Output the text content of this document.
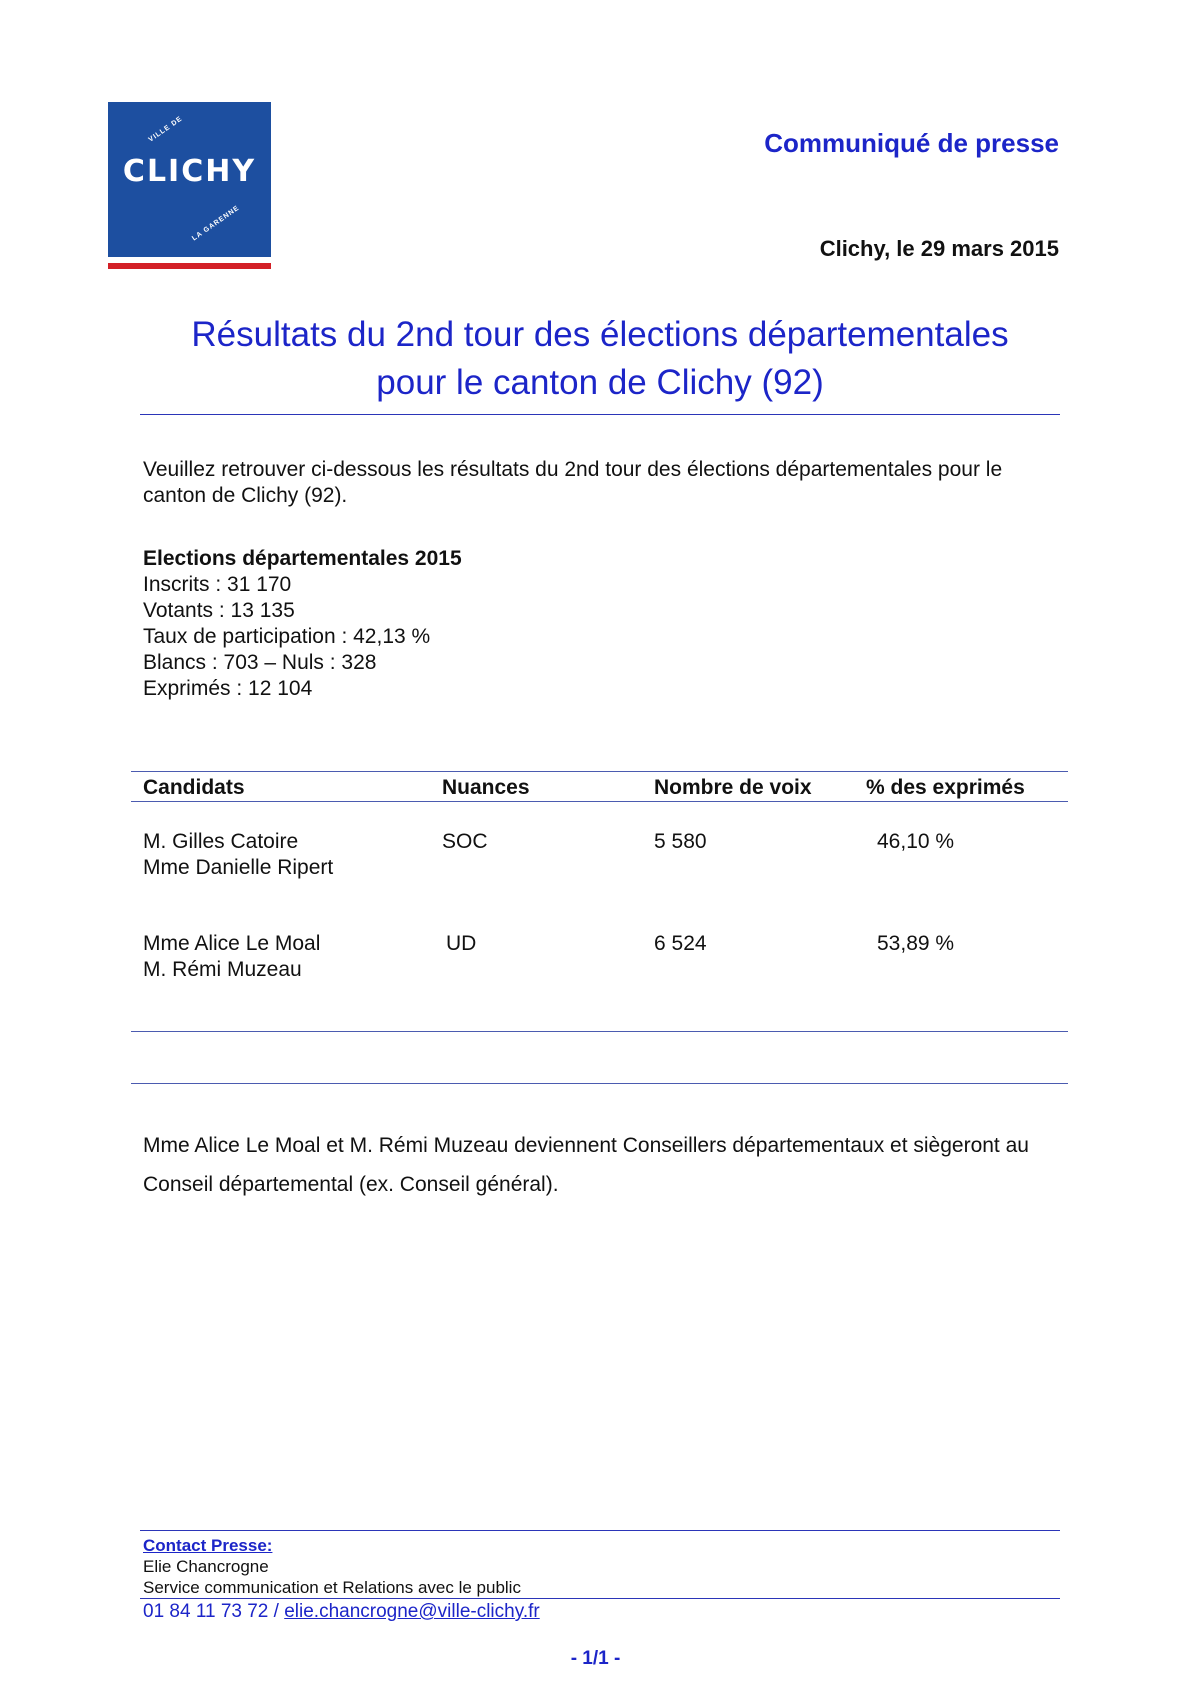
VILLE DE
CLICHY
LA GARENNE
Communiqué de presse
Clichy, le 29 mars 2015
Résultats du 2nd tour des élections départementales
pour le canton de Clichy (92)
Veuillez retrouver ci-dessous les résultats du 2nd tour des élections départementales pour le canton de Clichy (92).
Elections départementales 2015
Inscrits : 31 170
Votants : 13 135
Taux de participation : 42,13 %
Blancs : 703 – Nuls : 328
Exprimés : 12 104
Candidats	Nuances	Nombre de voix	% des exprimés
M. Gilles Catoire
Mme Danielle Ripert
SOC	5 580	46,10 %
Mme Alice Le Moal
M. Rémi Muzeau
UD	6 524	53,89 %
Mme Alice Le Moal et M. Rémi Muzeau deviennent Conseillers départementaux et siègeront au Conseil départemental (ex. Conseil général).
Contact Presse:
Elie Chancrogne
Service communication et Relations avec le public
01 84 11 73 72 / elie.chancrogne@ville-clichy.fr
- 1/1 -
